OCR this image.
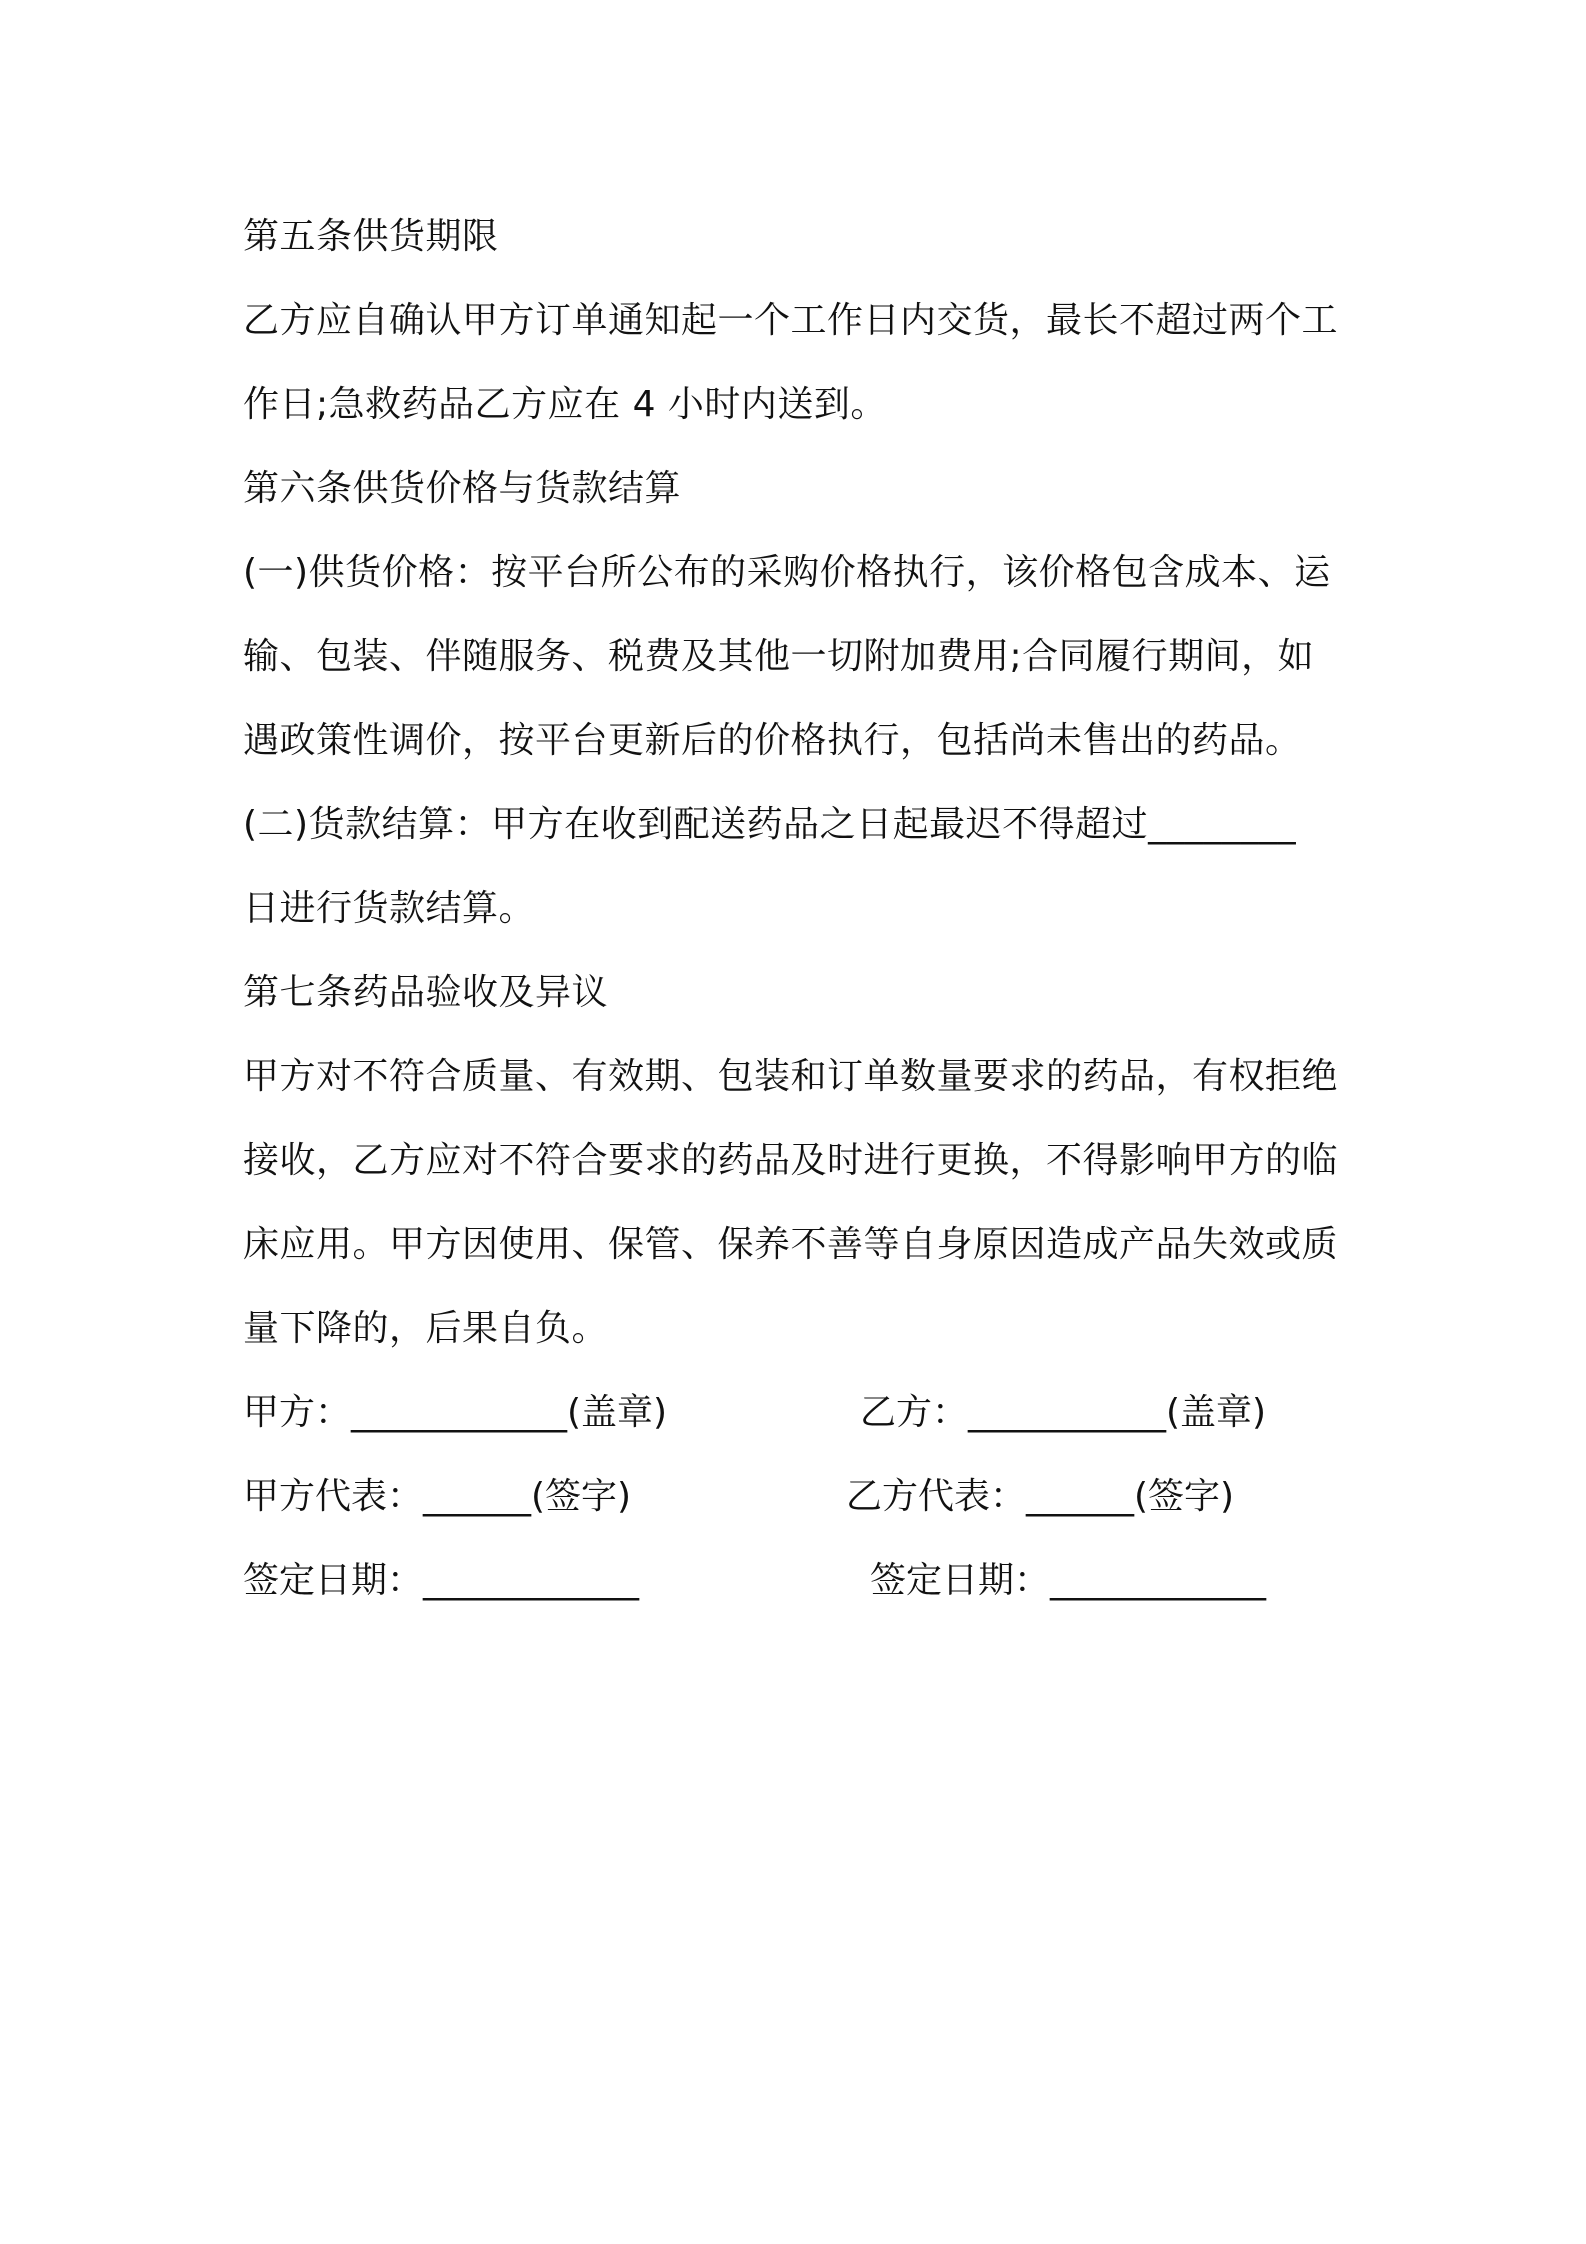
第五条供货期限
乙方应自确认甲方订单通知起一个工作日内交货，最长不超过两个工
作日;急救药品乙方应在 4 小时内送到。
第六条供货价格与货款结算
(一)供货价格：按平台所公布的采购价格执行，该价格包含成本、运
输、包装、伴随服务、税费及其他一切附加费用;合同履行期间，如
遇政策性调价，按平台更新后的价格执行，包括尚未售出的药品。
(二)货款结算：甲方在收到配送药品之日起最迟不得超过________
日进行货款结算。
第七条药品验收及异议
甲方对不符合质量、有效期、包装和订单数量要求的药品，有权拒绝
接收，乙方应对不符合要求的药品及时进行更换，不得影响甲方的临
床应用。甲方因使用、保管、保养不善等自身原因造成产品失效或质
量下降的，后果自负。
甲方：____________(盖章)	乙方：___________(盖章)
甲方代表：______(签字)	乙方代表：______(签字)
签定日期：____________	签定日期：____________
